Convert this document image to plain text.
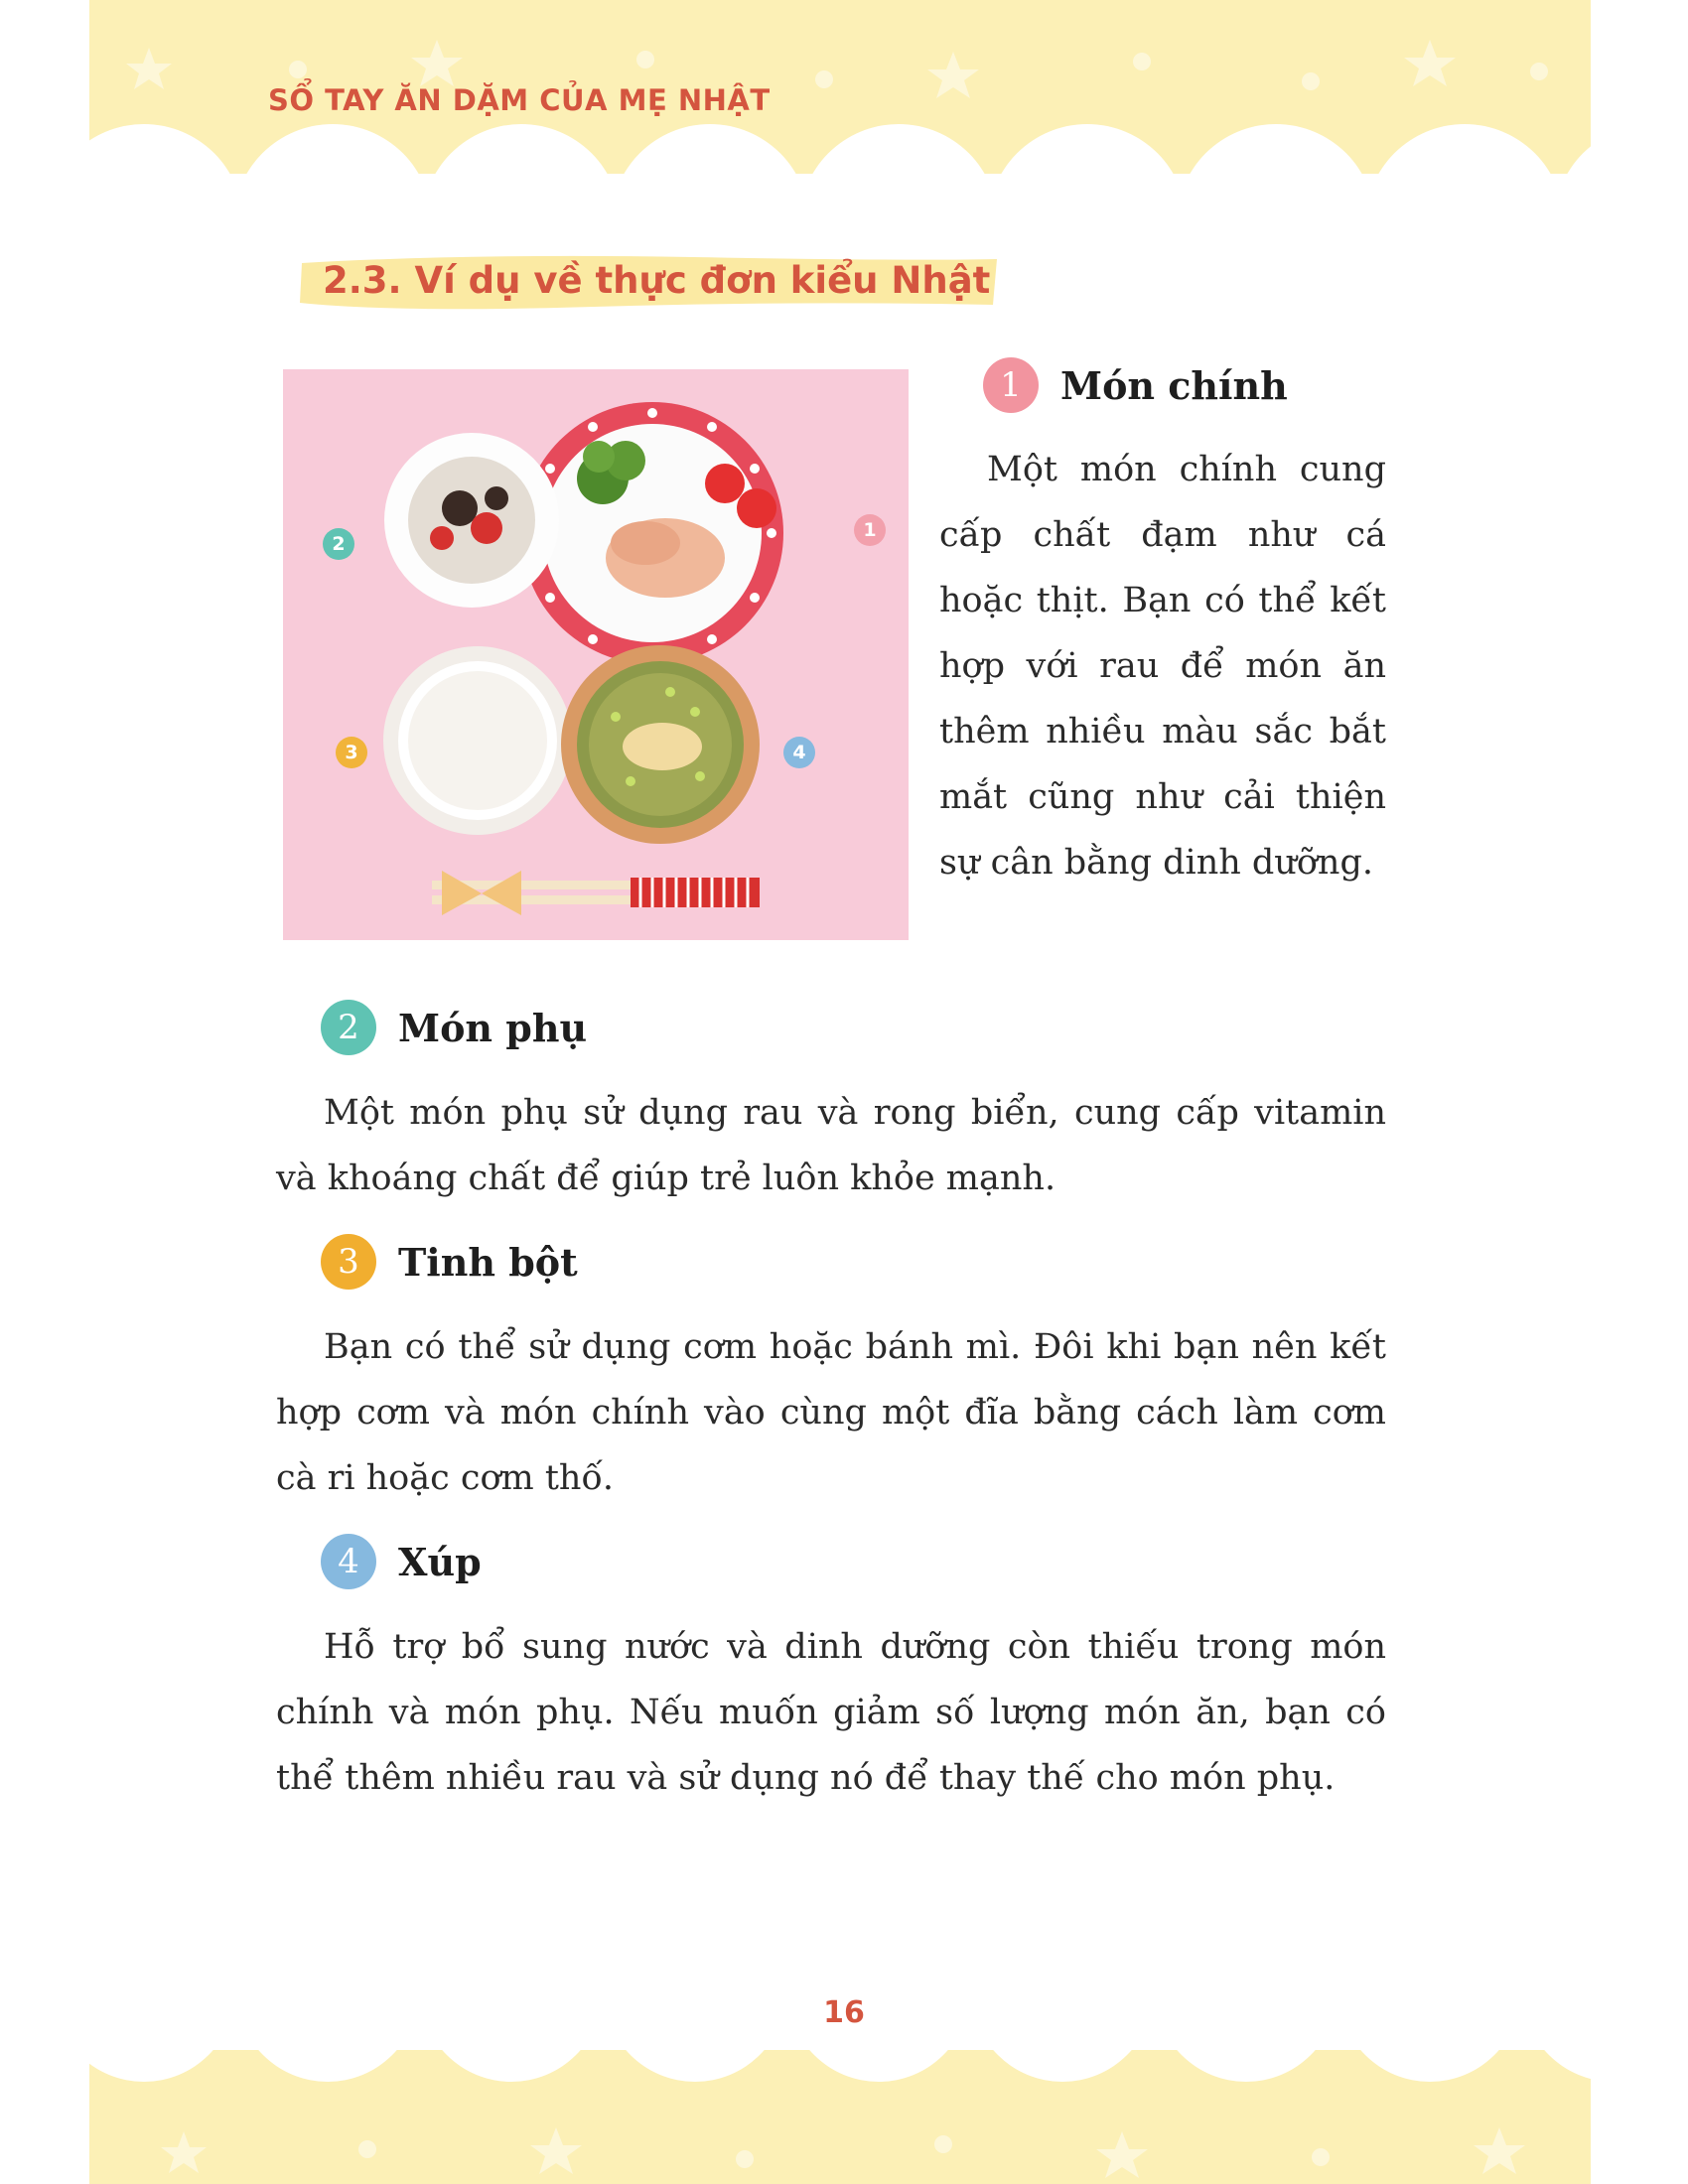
SỔ TAY ĂN DẶM CỦA MẸ NHẬT
2.3. Ví dụ về thực đơn kiểu Nhật
1
2
3	4
1	Món chính

Một món chính cung cấp chất đạm như cá hoặc thịt. Bạn có thể kết hợp với rau để món ăn thêm nhiều màu sắc bắt mắt cũng như cải thiện sự cân bằng dinh dưỡng.

2	Món phụ

Một món phụ sử dụng rau và rong biển, cung cấp vitamin và khoáng chất để giúp trẻ luôn khỏe mạnh.

3	Tinh bột

Bạn có thể sử dụng cơm hoặc bánh mì. Đôi khi bạn nên kết hợp cơm và món chính vào cùng một đĩa bằng cách làm cơm cà ri hoặc cơm thố.

4	Xúp

Hỗ trợ bổ sung nước và dinh dưỡng còn thiếu trong món chính và món phụ. Nếu muốn giảm số lượng món ăn, bạn có thể thêm nhiều rau và sử dụng nó để thay thế cho món phụ.

16
